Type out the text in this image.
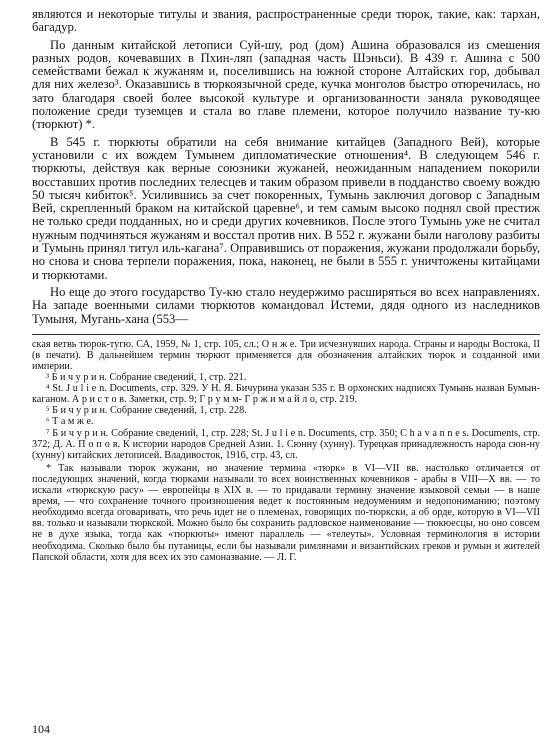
являются и некоторые титулы и звания, распространенные среди тюрок, такие, как: тархан, багадур.

По данным китайской летописи Суй-шу, род (дом) Ашина образовался из смешения разных родов, кочевавших в Пхин-ляп (западная часть Шэньси). В 439 г. Ашина с 500 семействами бежал к жужаням и, поселившись на южной стороне Алтайских гор, добывал для них железо³. Оказавшись в тюркоязычной среде, кучка монголов быстро отюречилась, но зато благодаря своей более высокой культуре и организованности заняла руководящее положение среди туземцев и стала во главе племени, которое получило название ту-кю (тюркют) *.

В 545 г. тюркюты обратили на себя внимание китайцев (Западного Вей), которые установили с их вождем Тумынем дипломатические отношения⁴. В следующем 546 г. тюркюты, действуя как верные союзники жужаней, неожиданным нападением покорили восставших против последних телесцев и таким образом привели в подданство своему вождю 50 тысяч кибиток⁵. Усилившись за счет покоренных, Тумынь заключил договор с Западным Вей, скрепленный браком на китайской царевне⁶, и тем самым высоко поднял свой престиж не только среди подданных, но и среди других кочевников. После этого Тумынь уже не считал нужным подчиняться жужаням и восстал против них. В 552 г. жужани были наголову разбиты и Тумынь принял титул иль-кагана⁷. Оправившись от поражения, жужани продолжали борьбу, но снова и снова терпели поражения, пока, наконец, не были в 555 г. уничтожены китайцами и тюркютами.

Но еще до этого государство Ту-кю стало неудержимо расширяться во всех направлениях. На западе военными силами тюркютов командовал Истеми, дядя одного из наследников Тумыня, Мугань-хана (553—

ская ветвь тюрок-тугю. СА, 1959, № 1, стр. 105, сл.; О н ж е. Три исчезнувших народа. Страны и народы Востока, II (в печати). В дальнейшем термин тюркют применяется для обозначения алтайских тюрок и созданной ими империи.

³ Б и ч у р и н. Собрание сведений, 1, стр. 221.

⁴ St. J u l i e n. Documents, стр. 329. У Н. Я. Бичурина указан 535 г. В орхонских надписях Тумынь назван Бумын-каганом. А р и с т о в. Заметки, стр. 9; Г р у м м- Г р ж и м а й л о, стр. 219.

⁵ Б и ч у р и н. Собрание сведений, 1, стр. 228.

⁶ Т а м ж е.

⁷ Б и ч у р и н. Собрание сведений, 1, стр. 228; St. J u l i e n. Documents, стр. 350; C h a v a n n e s. Documents, стр. 372; Д. А. П о п о в. К истории народов Средней Азии. 1. Сюнну (хунну). Турецкая принадлежность народа сюн-ну (хунну) китайских летописей. Владивосток, 1916, стр. 43, сл.

* Так называли тюрок жужани, но значение термина «тюрк» в VI—VII вв. настолько отличается от последующих значений, когда тюрками называли то всех воинственных кочевников - арабы в VIII—X вв. — то искали «тюркскую расу» — европейцы в XIX в. — то придавали термину значение языковой семьи — в наше время, — что сохранение точного произношения ведет к постоянным недоумениям и недопониманию; поэтому необходимо всегда оговаривать, что речь идет не о племенах, говорящих по-тюркски, а об орде, которую в VI—VII вв. только и называли тюркской. Можно было бы сохранить радловское наименование — тюкюесцы, но оно совсем не в духе языка, тогда как «тюркюты» имеют параллель — «телеуты». Условная терминология в истории необходима. Сколько было бы путаницы, если бы называли римлянами и византийских греков и румын и жителей Папской области, хотя для всех их это самоназвание. — Л. Г.

104
